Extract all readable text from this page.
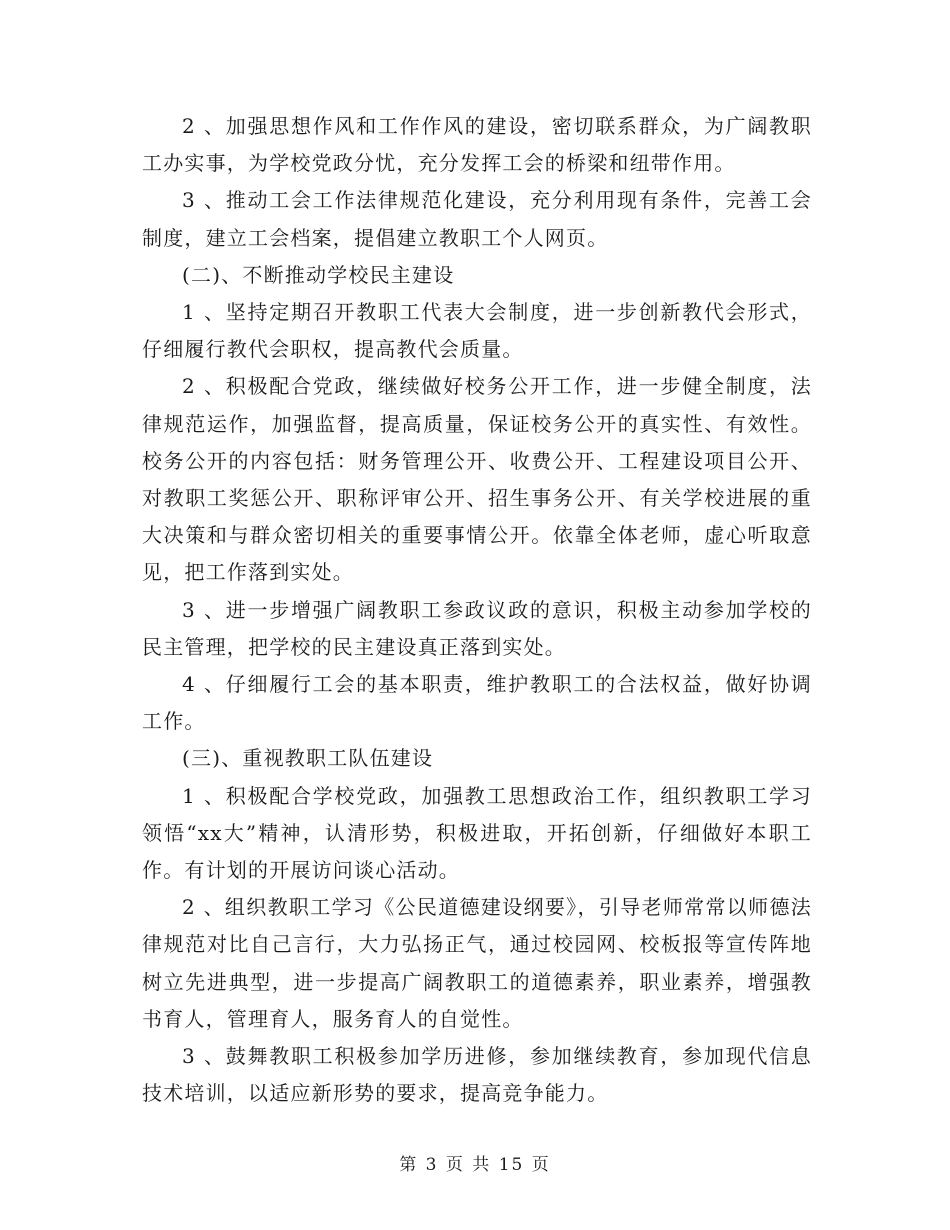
2 、加强思想作风和工作作风的建设，密切联系群众，为广阔教职工办实事，为学校党政分忧，充分发挥工会的桥梁和纽带作用。

3 、推动工会工作法律规范化建设，充分利用现有条件，完善工会制度，建立工会档案，提倡建立教职工个人网页。

(二)、不断推动学校民主建设

1 、坚持定期召开教职工代表大会制度，进一步创新教代会形式，仔细履行教代会职权，提高教代会质量。

2 、积极配合党政，继续做好校务公开工作，进一步健全制度，法律规范运作，加强监督，提高质量，保证校务公开的真实性、有效性。校务公开的内容包括：财务管理公开、收费公开、工程建设项目公开、对教职工奖惩公开、职称评审公开、招生事务公开、有关学校进展的重大决策和与群众密切相关的重要事情公开。依靠全体老师，虚心听取意见，把工作落到实处。

3 、进一步增强广阔教职工参政议政的意识，积极主动参加学校的民主管理，把学校的民主建设真正落到实处。

4 、仔细履行工会的基本职责，维护教职工的合法权益，做好协调工作。

(三)、重视教职工队伍建设

1 、积极配合学校党政，加强教工思想政治工作，组织教职工学习领悟“xx大”精神，认清形势，积极进取，开拓创新，仔细做好本职工作。有计划的开展访问谈心活动。

2 、组织教职工学习《公民道德建设纲要》，引导老师常常以师德法律规范对比自己言行，大力弘扬正气，通过校园网、校板报等宣传阵地树立先进典型，进一步提高广阔教职工的道德素养，职业素养，增强教书育人，管理育人，服务育人的自觉性。

3 、鼓舞教职工积极参加学历进修，参加继续教育，参加现代信息技术培训，以适应新形势的要求，提高竞争能力。

第 3 页 共 15 页
